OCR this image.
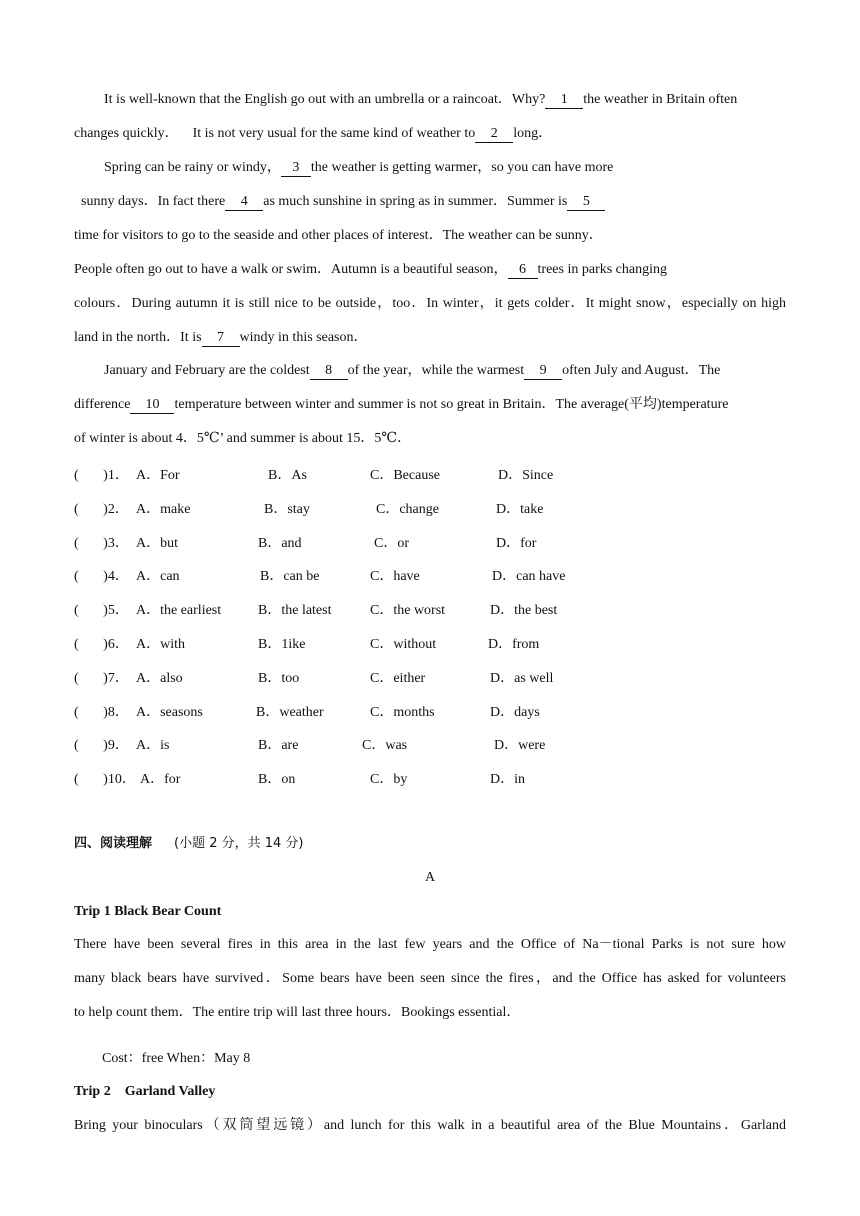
It is well-known that the English go out with an umbrella or a raincoat．Why? 1 the weather in Britain often
changes quickly．    It is not very usual for the same kind of weather to 2 long．
Spring can be rainy or windy， 3 the weather is getting warmer，so you can have more
sunny days．In fact there 4 as much sunshine in spring as in summer．Summer is 5
time for visitors to go to the seaside and other places of interest．The weather can be sunny．
People often go out to have a walk or swim．Autumn is a beautiful season， 6 trees in parks changing
colours．During autumn it is still nice to be outside，too．In winter，it gets colder．It might snow，especially on high
land in the north．It is 7 windy in this season．
January and February are the coldest 8 of the year，while the warmest 9 often July and August．The
difference 10 temperature between winter and summer is not so great in Britain．The average(平均)temperature
of winter is about 4．5℃’ and summer is about 15．5℃．
(       )1． A．For	B．As	C．Because	D．Since
(       )2． A．make	B．stay	C．change	D．take
(       )3． A．but	B．and	C．or	D．for
(       )4． A．can	B．can be	C．have	D．can have
(       )5． A．the earliest	B．the latest	C．the worst	D．the best
(       )6． A．with	B．1ike	C．without	D．from
(       )7． A．also	B．too	C．either	D．as well
(       )8． A．seasons	B．weather	C．months	D．days
(       )9． A．is	B．are	C．was	D．were
(       )10． A．for	B．on	C．by	D．in
四、阅读理解 (小题 2 分，共 14 分)
A
Trip 1 Black Bear Count
There have been several fires in this area in the last few years and the Office of Na－tional Parks is not sure how
many black bears have survived．Some bears have been seen since the fires，and the Office has asked for volunteers
to help count them．The entire trip will last three hours．Bookings essential．
Cost：free When：May 8
Trip 2    Garland Valley
Bring your binoculars（双筒望远镜）and lunch for this walk in a beautiful area of the Blue Mountains．Garland
